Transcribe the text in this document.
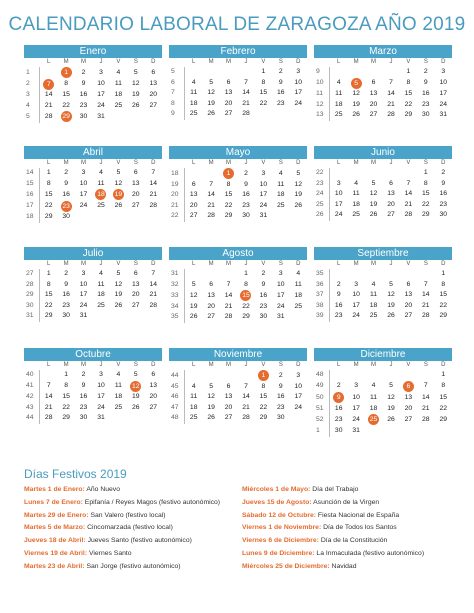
CALENDARIO LABORAL DE ZARAGOZA AÑO 2019
Enero
	L	M	M	J	V	S	D
1		1	2	3	4	5	6
2	7	8	9	10	11	12	13
3	14	15	16	17	18	19	20
4	21	22	23	24	25	26	27
5	28	29	30	31			
Febrero
	L	M	M	J	V	S	D
5					1	2	3
6	4	5	6	7	8	9	10
7	11	12	13	14	15	16	17
8	18	19	20	21	22	23	24
9	25	26	27	28			
Marzo
	L	M	M	J	V	S	D
9					1	2	3
10	4	5	6	7	8	9	10
11	11	12	13	14	15	16	17
12	18	19	20	21	22	23	24
13	25	26	27	28	29	30	31
Abril
	L	M	M	J	V	S	D
14	1	2	3	4	5	6	7
15	8	9	10	11	12	13	14
16	15	16	17	18	19	20	21
17	22	23	24	25	26	27	28
18	29	30					
Mayo
	L	M	M	J	V	S	D
18			1	2	3	4	5
19	6	7	8	9	10	11	12
20	13	14	15	16	17	18	19
21	20	21	22	23	24	25	26
22	27	28	29	30	31		
Junio
	L	M	M	J	V	S	D
22						1	2
23	3	4	5	6	7	8	9
24	10	11	12	13	14	15	16
25	17	18	19	20	21	22	23
26	24	25	26	27	28	29	30
Julio
	L	M	M	J	V	S	D
27	1	2	3	4	5	6	7
28	8	9	10	11	12	13	14
29	15	16	17	18	19	20	21
30	22	23	24	25	26	27	28
31	29	30	31				
Agosto
	L	M	M	J	V	S	D
31				1	2	3	4
32	5	6	7	8	9	10	11
33	12	13	14	15	16	17	18
34	19	20	21	22	23	24	25
35	26	27	28	29	30	31	
Septiembre
	L	M	M	J	V	S	D
35							1
36	2	3	4	5	6	7	8
37	9	10	11	12	13	14	15
38	16	17	18	19	20	21	22
39	23	24	25	26	27	28	29
Octubre
	L	M	M	J	V	S	D
40		1	2	3	4	5	6
41	7	8	9	10	11	12	13
42	14	15	16	17	18	19	20
43	21	22	23	24	25	26	27
44	28	29	30	31			
Noviembre
	L	M	M	J	V	S	D
44					1	2	3
45	4	5	6	7	8	9	10
46	11	12	13	14	15	16	17
47	18	19	20	21	22	23	24
48	25	26	27	28	29	30	
Diciembre
	L	M	M	J	V	S	D
48							1
49	2	3	4	5	6	7	8
50	9	10	11	12	13	14	15
51	16	17	18	19	20	21	22
52	23	24	25	26	27	28	29
1	30	31					
Días Festivos 2019
Martes 1 de Enero: Año Nuevo
Lunes 7 de Enero: Epifanía / Reyes Magos (festivo autonómico)
Martes 29 de Enero: San Valero (festivo local)
Martes 5 de Marzo: Cincomarzada (festivo local)
Jueves 18 de Abril: Jueves Santo (festivo autonómico)
Viernes 19 de Abril: Viernes Santo
Martes 23 de Abril: San Jorge (festivo autonómico)
Miércoles 1 de Mayo: Día del Trabajo
Jueves 15 de Agosto: Asunción de la Virgen
Sábado 12 de Octubre: Fiesta Nacional de España
Viernes 1 de Noviembre: Día de Todos los Santos
Viernes 6 de Diciembre: Día de la Constitución
Lunes 9 de Diciembre: La Inmaculada (festivo autonómico)
Miércoles 25 de Diciembre: Navidad
